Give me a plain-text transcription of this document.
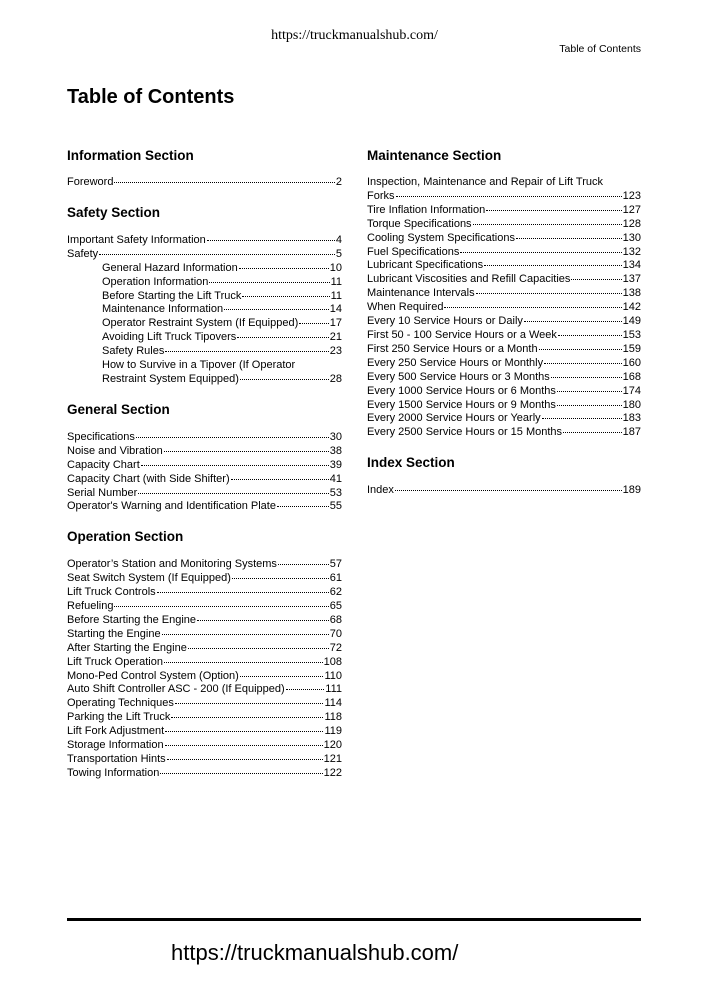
https://truckmanualshub.com/
Table of Contents
Table of Contents
Information Section
Foreword	2
Safety Section
Important Safety Information	4
Safety	5
General Hazard Information	10
Operation Information	11
Before Starting the Lift Truck	11
Maintenance Information	14
Operator Restraint System (If Equipped)	17
Avoiding Lift Truck Tipovers	21
Safety Rules	23
How to Survive in a Tipover (If Operator
Restraint System Equipped)	28
General Section
Specifications	30
Noise and Vibration	38
Capacity Chart	39
Capacity Chart (with Side Shifter)	41
Serial Number	53
Operator's Warning and Identification Plate	55
Operation Section
Operator’s Station and Monitoring Systems	57
Seat Switch System (If Equipped)	61
Lift Truck Controls	62
Refueling	65
Before Starting the Engine	68
Starting the Engine	70
After Starting the Engine	72
Lift Truck Operation	108
Mono-Ped Control System (Option)	110
Auto Shift Controller ASC - 200 (If Equipped)	111
Operating Techniques	114
Parking the Lift Truck	118
Lift Fork Adjustment	119
Storage Information	120
Transportation Hints	121
Towing Information	122
Maintenance Section
Inspection, Maintenance and Repair of Lift Truck
Forks	123
Tire Inflation Information	127
Torque Specifications	128
Cooling System Specifications	130
Fuel Specifications	132
Lubricant Specifications	134
Lubricant Viscosities and Refill Capacities	137
Maintenance Intervals	138
When Required	142
Every 10 Service Hours or Daily	149
First 50 - 100 Service Hours or a Week	153
First 250 Service Hours or a Month	159
Every 250 Service Hours or Monthly	160
Every 500 Service Hours or 3 Months	168
Every 1000 Service Hours or 6 Months	174
Every 1500 Service Hours or 9 Months	180
Every 2000 Service Hours or Yearly	183
Every 2500 Service Hours or 15 Months	187
Index Section
Index	189
https://truckmanualshub.com/
